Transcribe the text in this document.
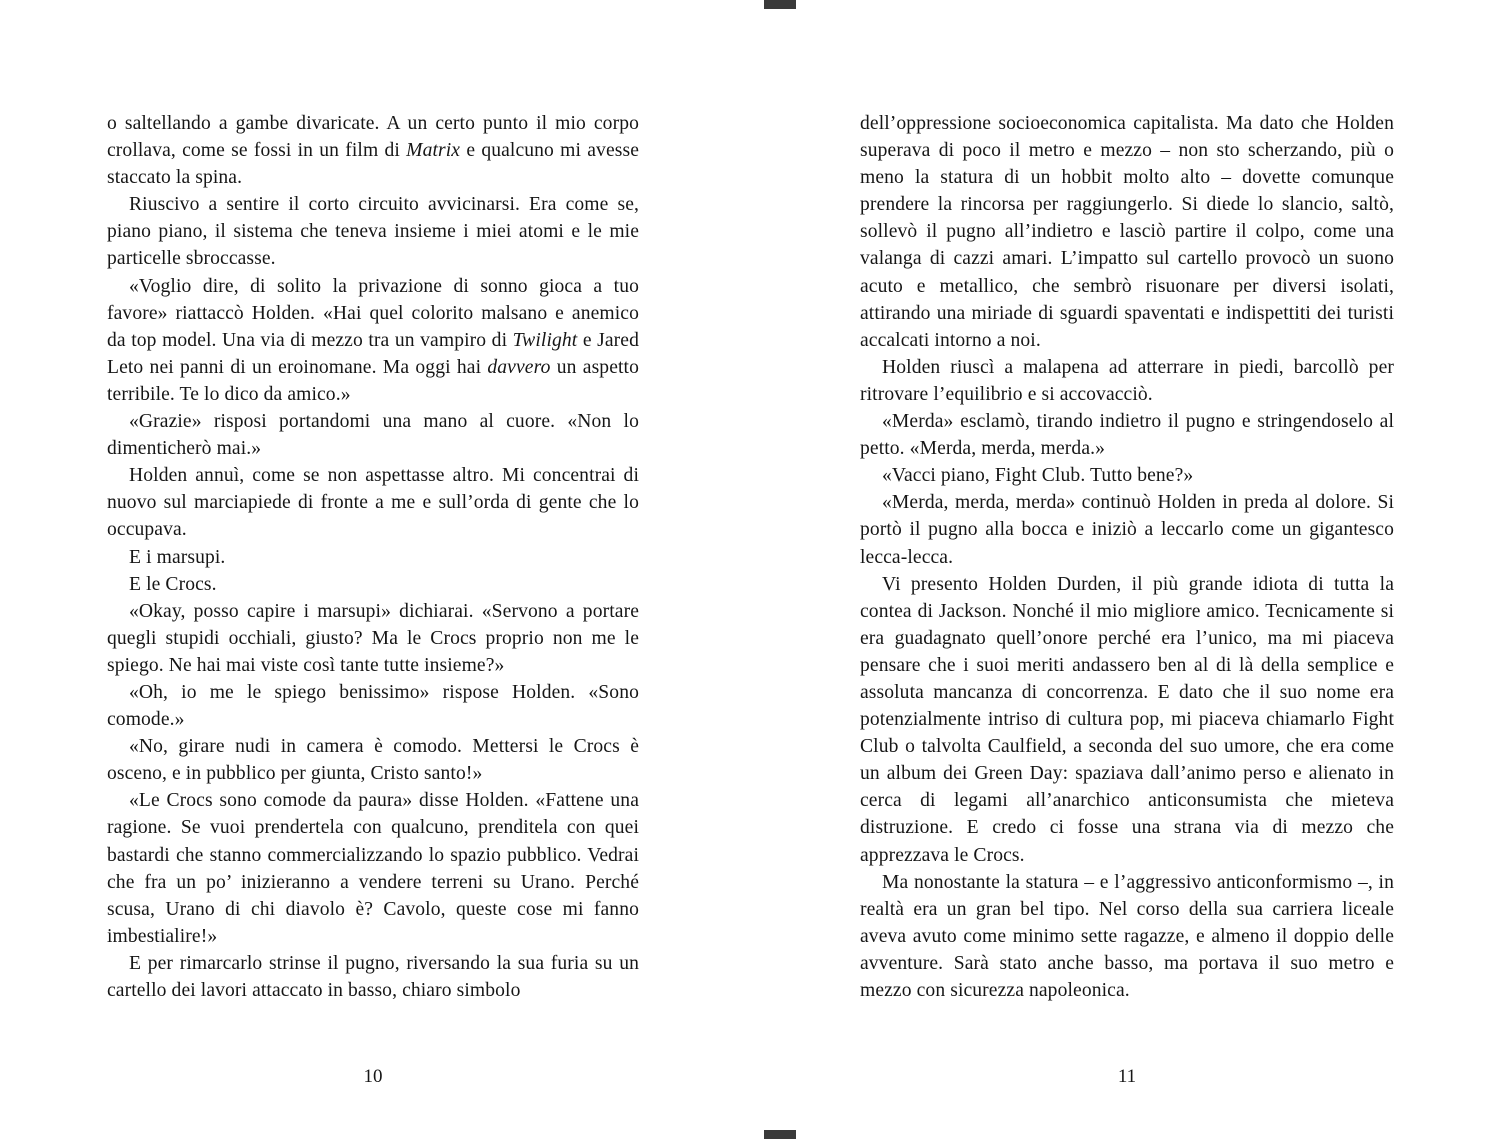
o saltellando a gambe divaricate. A un certo punto il mio corpo crollava, come se fossi in un film di Matrix e qualcuno mi avesse staccato la spina.

Riuscivo a sentire il corto circuito avvicinarsi. Era come se, piano piano, il sistema che teneva insieme i miei atomi e le mie particelle sbroccasse.

«Voglio dire, di solito la privazione di sonno gioca a tuo favore» riattaccò Holden. «Hai quel colorito malsano e anemico da top model. Una via di mezzo tra un vampiro di Twilight e Jared Leto nei panni di un eroinomane. Ma oggi hai davvero un aspetto terribile. Te lo dico da amico.»

«Grazie» risposi portandomi una mano al cuore. «Non lo dimenticherò mai.»

Holden annuì, come se non aspettasse altro. Mi concentrai di nuovo sul marciapiede di fronte a me e sull’orda di gente che lo occupava.

E i marsupi.

E le Crocs.

«Okay, posso capire i marsupi» dichiarai. «Servono a portare quegli stupidi occhiali, giusto? Ma le Crocs proprio non me le spiego. Ne hai mai viste così tante tutte insieme?»

«Oh, io me le spiego benissimo» rispose Holden. «Sono comode.»

«No, girare nudi in camera è comodo. Mettersi le Crocs è osceno, e in pubblico per giunta, Cristo santo!»

«Le Crocs sono comode da paura» disse Holden. «Fattene una ragione. Se vuoi prendertela con qualcuno, prenditela con quei bastardi che stanno commercializzando lo spazio pubblico. Vedrai che fra un po’ inizieranno a vendere terreni su Urano. Perché scusa, Urano di chi diavolo è? Cavolo, queste cose mi fanno imbestialire!»

E per rimarcarlo strinse il pugno, riversando la sua furia su un cartello dei lavori attaccato in basso, chiaro simbolo

10

dell’oppressione socioeconomica capitalista. Ma dato che Holden superava di poco il metro e mezzo – non sto scherzando, più o meno la statura di un hobbit molto alto – dovette comunque prendere la rincorsa per raggiungerlo. Si diede lo slancio, saltò, sollevò il pugno all’indietro e lasciò partire il colpo, come una valanga di cazzi amari. L’impatto sul cartello provocò un suono acuto e metallico, che sembrò risuonare per diversi isolati, attirando una miriade di sguardi spaventati e indispettiti dei turisti accalcati intorno a noi.

Holden riuscì a malapena ad atterrare in piedi, barcollò per ritrovare l’equilibrio e si accovacciò.

«Merda» esclamò, tirando indietro il pugno e stringendoselo al petto. «Merda, merda, merda.»

«Vacci piano, Fight Club. Tutto bene?»

«Merda, merda, merda» continuò Holden in preda al dolore. Si portò il pugno alla bocca e iniziò a leccarlo come un gigantesco lecca-lecca.

Vi presento Holden Durden, il più grande idiota di tutta la contea di Jackson. Nonché il mio migliore amico. Tecnicamente si era guadagnato quell’onore perché era l’unico, ma mi piaceva pensare che i suoi meriti andassero ben al di là della semplice e assoluta mancanza di concorrenza. E dato che il suo nome era potenzialmente intriso di cultura pop, mi piaceva chiamarlo Fight Club o talvolta Caulfield, a seconda del suo umore, che era come un album dei Green Day: spaziava dall’animo perso e alienato in cerca di legami all’anarchico anticonsumista che mieteva distruzione. E credo ci fosse una strana via di mezzo che apprezzava le Crocs.

Ma nonostante la statura – e l’aggressivo anticonformismo –, in realtà era un gran bel tipo. Nel corso della sua carriera liceale aveva avuto come minimo sette ragazze, e almeno il doppio delle avventure. Sarà stato anche basso, ma portava il suo metro e mezzo con sicurezza napoleonica.

11
